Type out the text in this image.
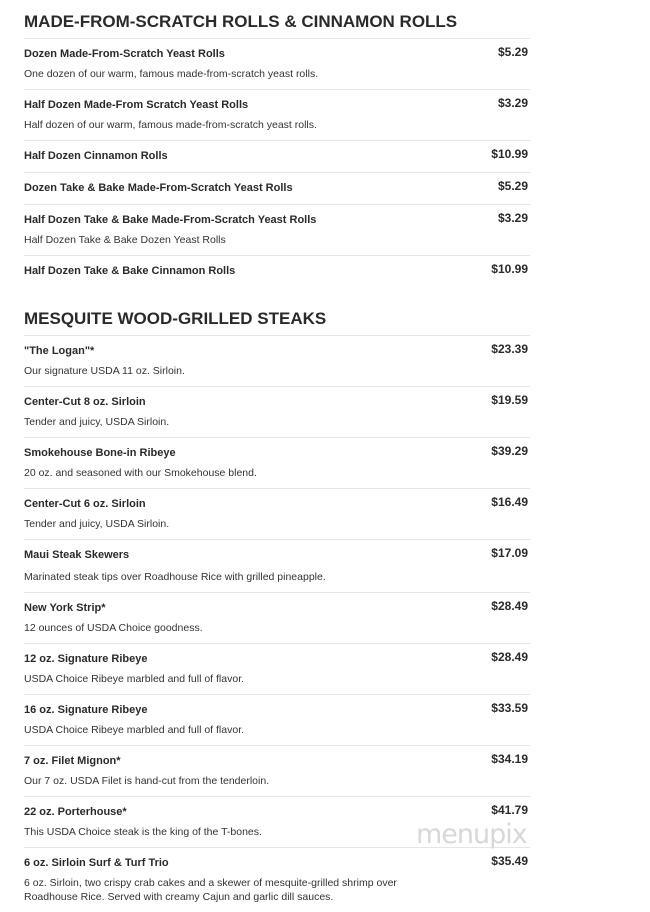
MADE-FROM-SCRATCH ROLLS & CINNAMON ROLLS
Dozen Made-From-Scratch Yeast Rolls	$5.29
One dozen of our warm, famous made-from-scratch yeast rolls.
Half Dozen Made-From Scratch Yeast Rolls	$3.29
Half dozen of our warm, famous made-from-scratch yeast rolls.
Half Dozen Cinnamon Rolls	$10.99
Dozen Take & Bake Made-From-Scratch Yeast Rolls	$5.29
Half Dozen Take & Bake Made-From-Scratch Yeast Rolls	$3.29
Half Dozen Take & Bake Dozen Yeast Rolls
Half Dozen Take & Bake Cinnamon Rolls	$10.99
MESQUITE WOOD-GRILLED STEAKS
"The Logan"*	$23.39
Our signature USDA 11 oz. Sirloin.
Center-Cut 8 oz. Sirloin	$19.59
Tender and juicy, USDA Sirloin.
Smokehouse Bone-in Ribeye	$39.29
20 oz. and seasoned with our Smokehouse blend.
Center-Cut 6 oz. Sirloin	$16.49
Tender and juicy, USDA Sirloin.
Maui Steak Skewers	$17.09
Marinated steak tips over Roadhouse Rice with grilled pineapple.
New York Strip*	$28.49
12 ounces of USDA Choice goodness.
12 oz. Signature Ribeye	$28.49
USDA Choice Ribeye marbled and full of flavor.
16 oz. Signature Ribeye	$33.59
USDA Choice Ribeye marbled and full of flavor.
7 oz. Filet Mignon*	$34.19
Our 7 oz. USDA Filet is hand-cut from the tenderloin.
22 oz. Porterhouse*	$41.79
This USDA Choice steak is the king of the T-bones.
6 oz. Sirloin Surf & Turf Trio	$35.49
6 oz. Sirloin, two crispy crab cakes and a skewer of mesquite-grilled shrimp over Roadhouse Rice. Served with creamy Cajun and garlic dill sauces.
menupix
